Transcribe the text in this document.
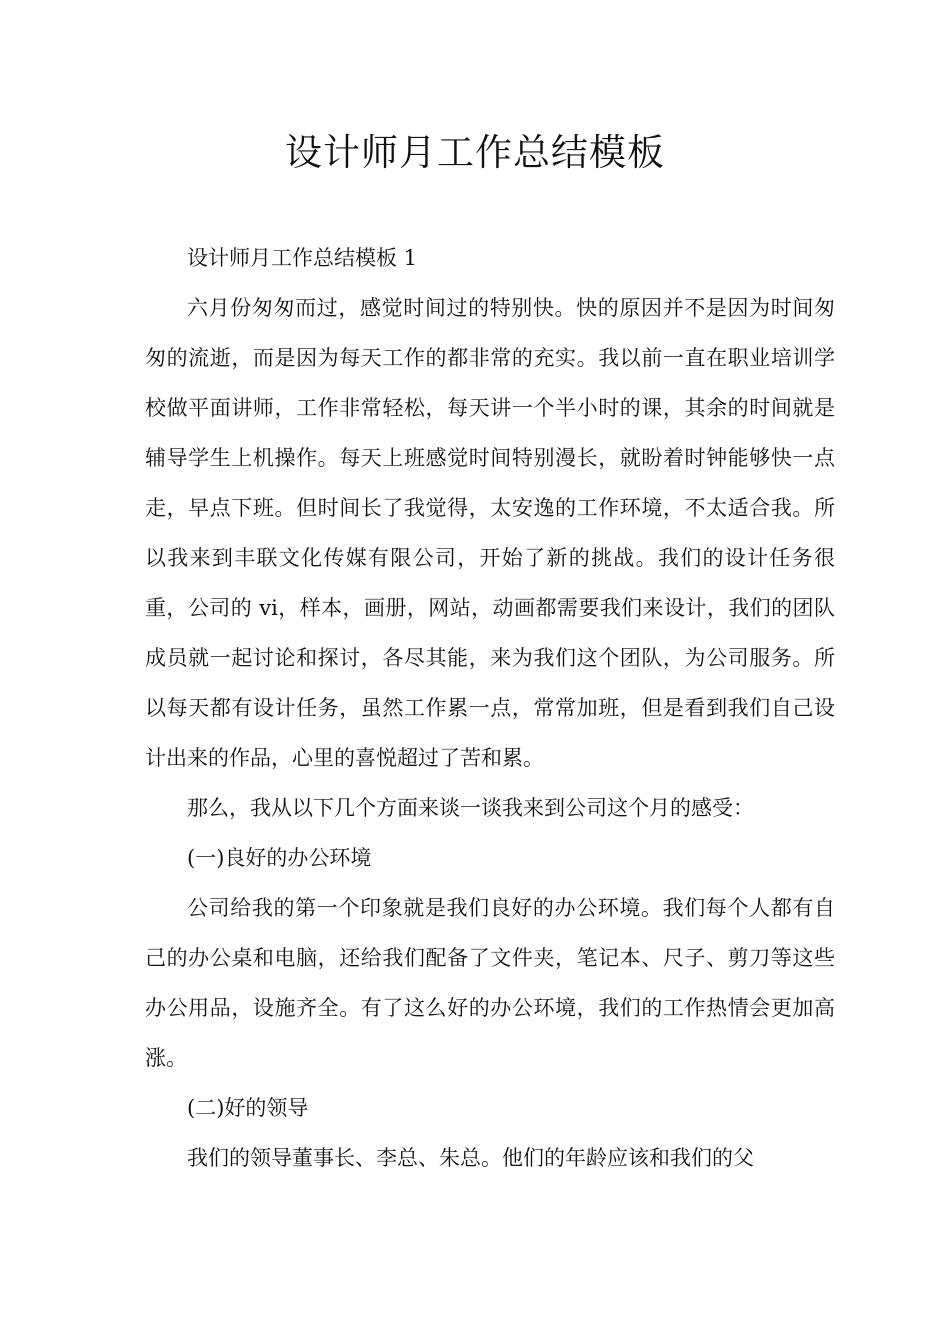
设计师月工作总结模板

设计师月工作总结模板 1

六月份匆匆而过，感觉时间过的特别快。快的原因并不是因为时间匆匆的流逝，而是因为每天工作的都非常的充实。我以前一直在职业培训学校做平面讲师，工作非常轻松，每天讲一个半小时的课，其余的时间就是辅导学生上机操作。每天上班感觉时间特别漫长，就盼着时钟能够快一点走，早点下班。但时间长了我觉得，太安逸的工作环境，不太适合我。所以我来到丰联文化传媒有限公司，开始了新的挑战。我们的设计任务很重，公司的 vi，样本，画册，网站，动画都需要我们来设计，我们的团队成员就一起讨论和探讨，各尽其能，来为我们这个团队，为公司服务。所以每天都有设计任务，虽然工作累一点，常常加班，但是看到我们自己设计出来的作品，心里的喜悦超过了苦和累。

那么，我从以下几个方面来谈一谈我来到公司这个月的感受：

(一)良好的办公环境

公司给我的第一个印象就是我们良好的办公环境。我们每个人都有自己的办公桌和电脑，还给我们配备了文件夹，笔记本、尺子、剪刀等这些办公用品，设施齐全。有了这么好的办公环境，我们的工作热情会更加高涨。

(二)好的领导

我们的领导董事长、李总、朱总。他们的年龄应该和我们的父
